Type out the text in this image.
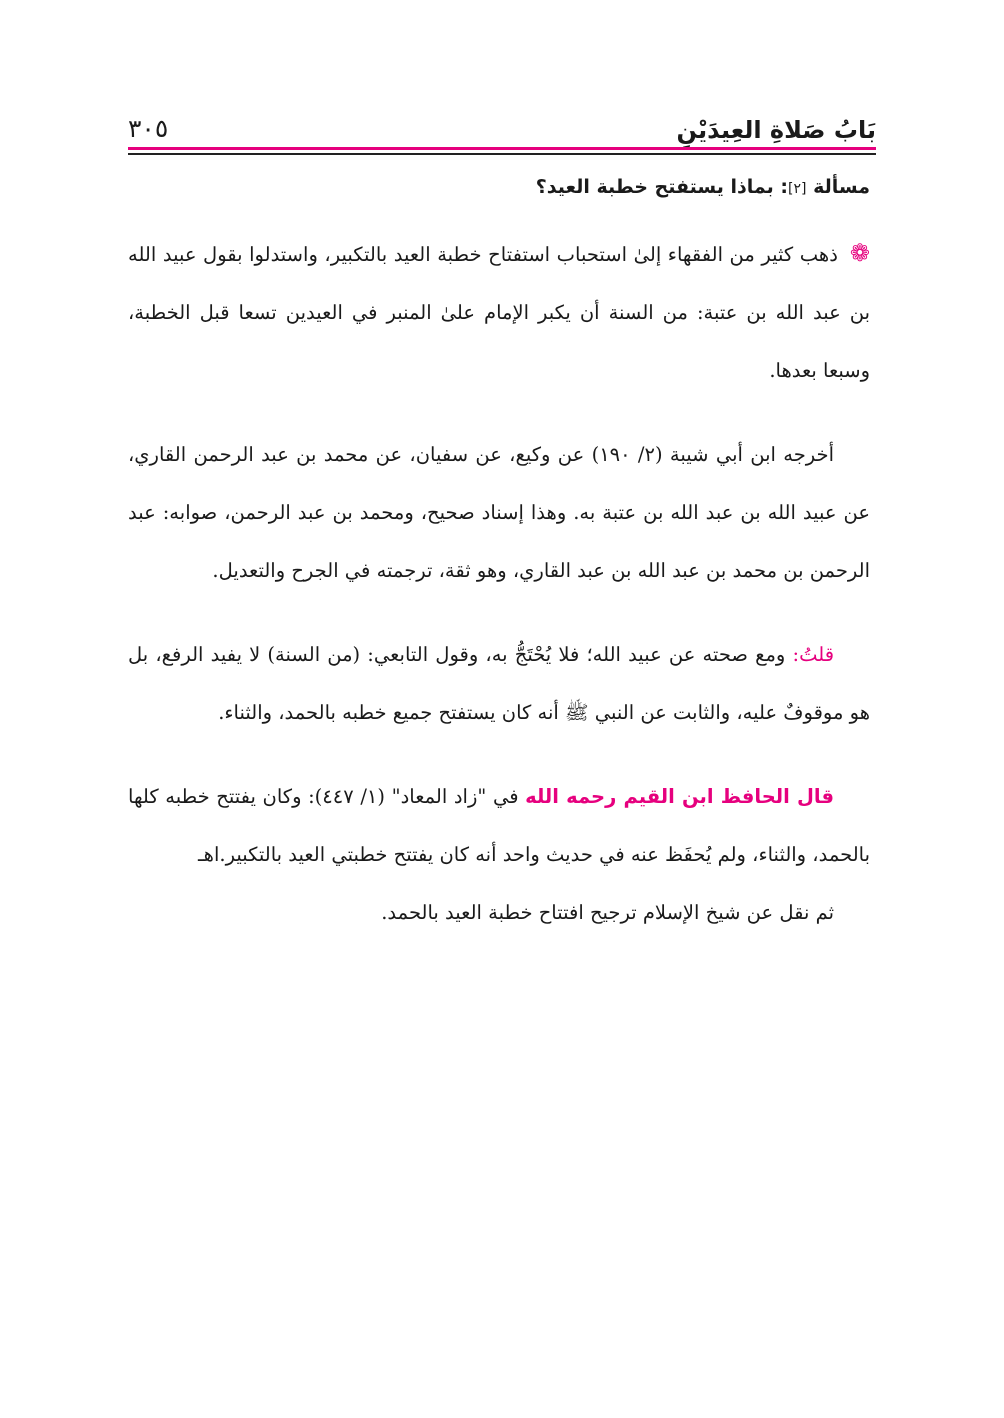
٣٠٥	بَابُ صَلاةِ العِيدَيْنِ

مسألة [٢]: بماذا يستفتح خطبة العيد؟

❁ذهب كثير من الفقهاء إلىٰ استحباب استفتاح خطبة العيد بالتكبير، واستدلوا بقول عبيد الله بن عبد الله بن عتبة: من السنة أن يكبر الإمام علىٰ المنبر في العيدين تسعا قبل الخطبة، وسبعا بعدها.

أخرجه ابن أبي شيبة (٢/ ١٩٠) عن وكيع، عن سفيان، عن محمد بن عبد الرحمن القاري، عن عبيد الله بن عبد الله بن عتبة به. وهذا إسناد صحيح، ومحمد بن عبد الرحمن، صوابه: عبد الرحمن بن محمد بن عبد الله بن عبد القاري، وهو ثقة، ترجمته في الجرح والتعديل.

قلتُ: ومع صحته عن عبيد الله؛ فلا يُحْتَجُّ به، وقول التابعي: (من السنة) لا يفيد الرفع، بل هو موقوفٌ عليه، والثابت عن النبي ﷺ أنه كان يستفتح جميع خطبه بالحمد، والثناء.

قال الحافظ ابن القيم رحمه الله في "زاد المعاد" (١/ ٤٤٧): وكان يفتتح خطبه كلها بالحمد، والثناء، ولم يُحفَظ عنه في حديث واحد أنه كان يفتتح خطبتي العيد بالتكبير.اهـ

ثم نقل عن شيخ الإسلام ترجيح افتتاح خطبة العيد بالحمد.
